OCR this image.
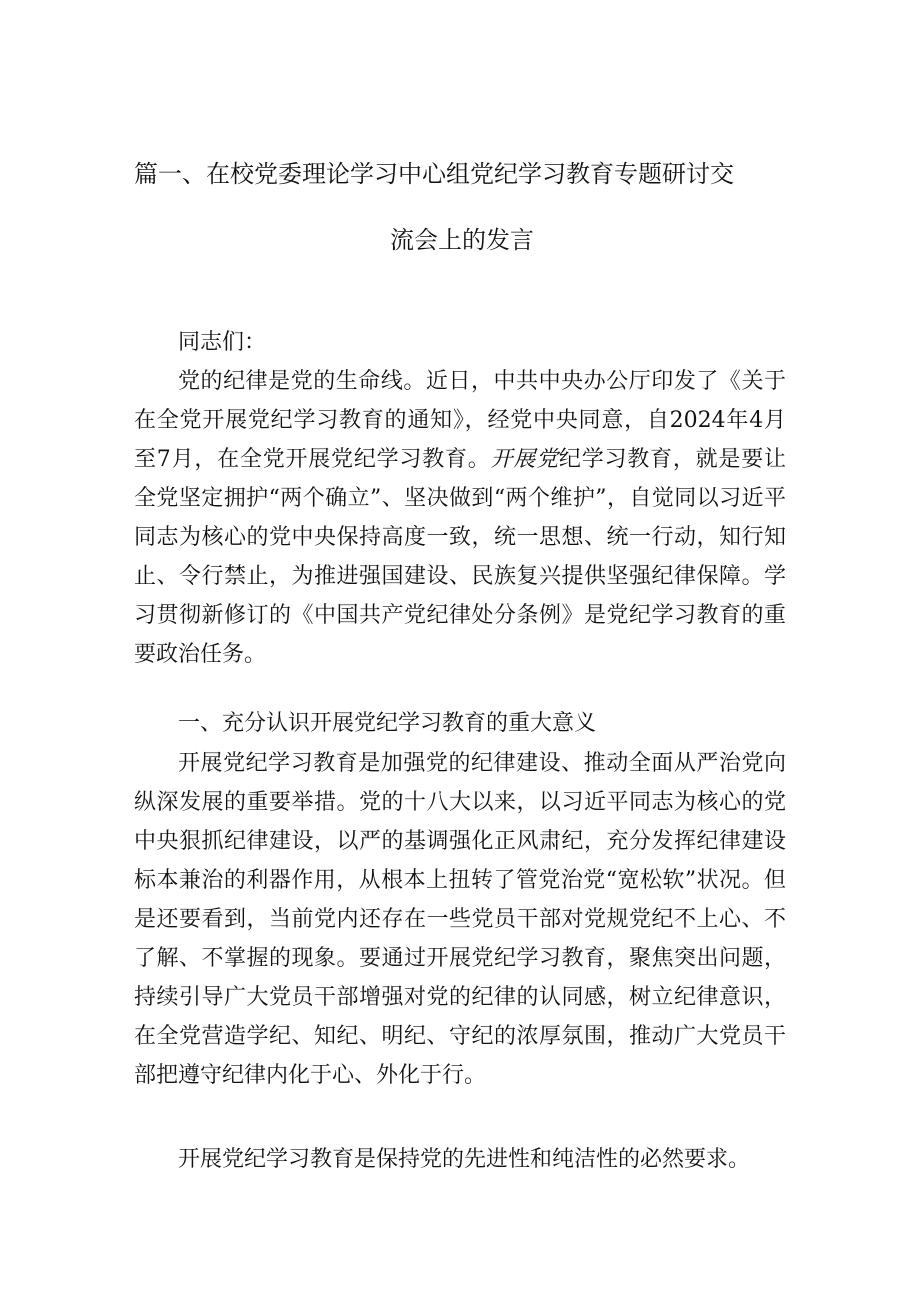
篇一、在校党委理论学习中心组党纪学习教育专题研讨交
流会上的发言

同志们：

党的纪律是党的生命线。近日，中共中央办公厅印发了《关于在全党开展党纪学习教育的通知》，经党中央同意，自2024年4月至7月，在全党开展党纪学习教育。开展党纪学习教育，就是要让全党坚定拥护“两个确立”、坚决做到“两个维护”，自觉同以习近平同志为核心的党中央保持高度一致，统一思想、统一行动，知行知止、令行禁止，为推进强国建设、民族复兴提供坚强纪律保障。学习贯彻新修订的《中国共产党纪律处分条例》是党纪学习教育的重要政治任务。

一、充分认识开展党纪学习教育的重大意义

开展党纪学习教育是加强党的纪律建设、推动全面从严治党向纵深发展的重要举措。党的十八大以来，以习近平同志为核心的党中央狠抓纪律建设，以严的基调强化正风肃纪，充分发挥纪律建设标本兼治的利器作用，从根本上扭转了管党治党“宽松软”状况。但是还要看到，当前党内还存在一些党员干部对党规党纪不上心、不了解、不掌握的现象。要通过开展党纪学习教育，聚焦突出问题，持续引导广大党员干部增强对党的纪律的认同感，树立纪律意识，在全党营造学纪、知纪、明纪、守纪的浓厚氛围，推动广大党员干部把遵守纪律内化于心、外化于行。

开展党纪学习教育是保持党的先进性和纯洁性的必然要求。
